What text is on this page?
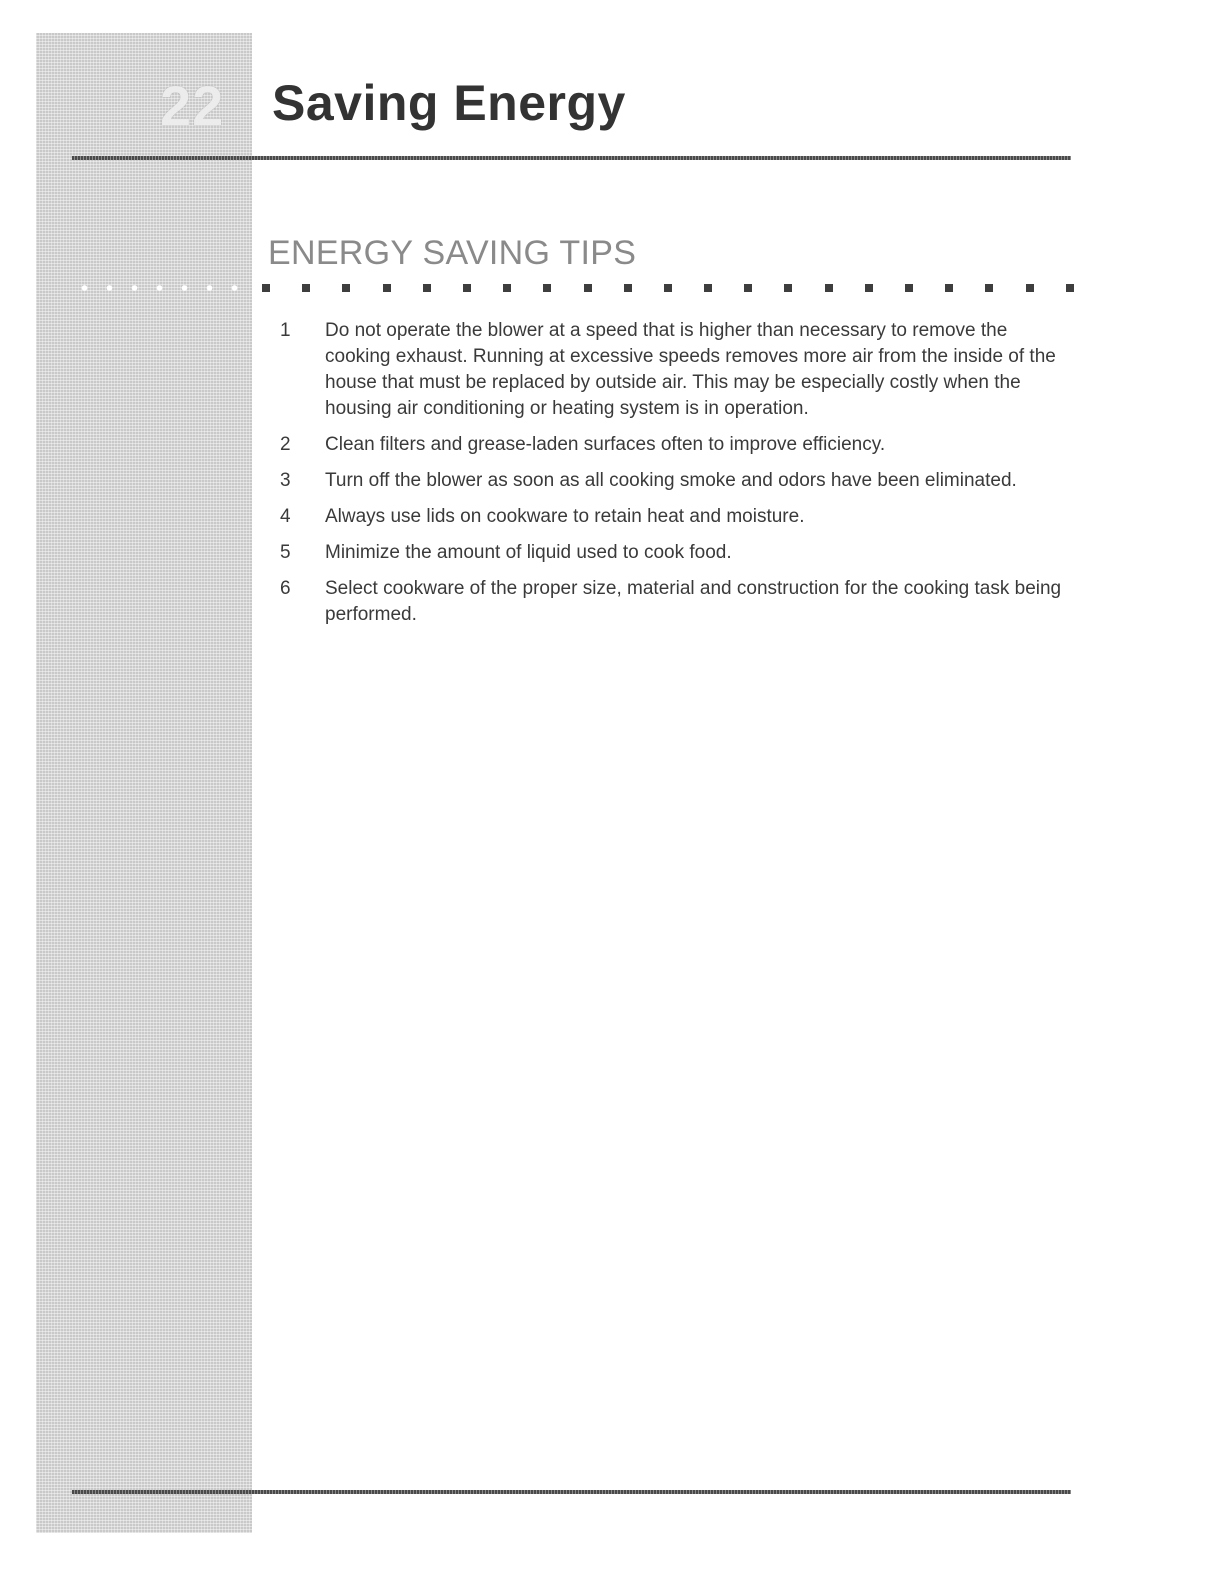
22 Saving Energy
ENERGY SAVING TIPS
1	Do not operate the blower at a speed that is higher than necessary to remove the cooking exhaust. Running at excessive speeds removes more air from the inside of the house that must be replaced by outside air. This may be especially costly when the housing air conditioning or heating system is in operation.
2	Clean filters and grease-laden surfaces often to improve efficiency.
3	Turn off the blower as soon as all cooking smoke and odors have been eliminated.
4	Always use lids on cookware to retain heat and moisture.
5	Minimize the amount of liquid used to cook food.
6	Select cookware of the proper size, material and construction for the cooking task being performed.
